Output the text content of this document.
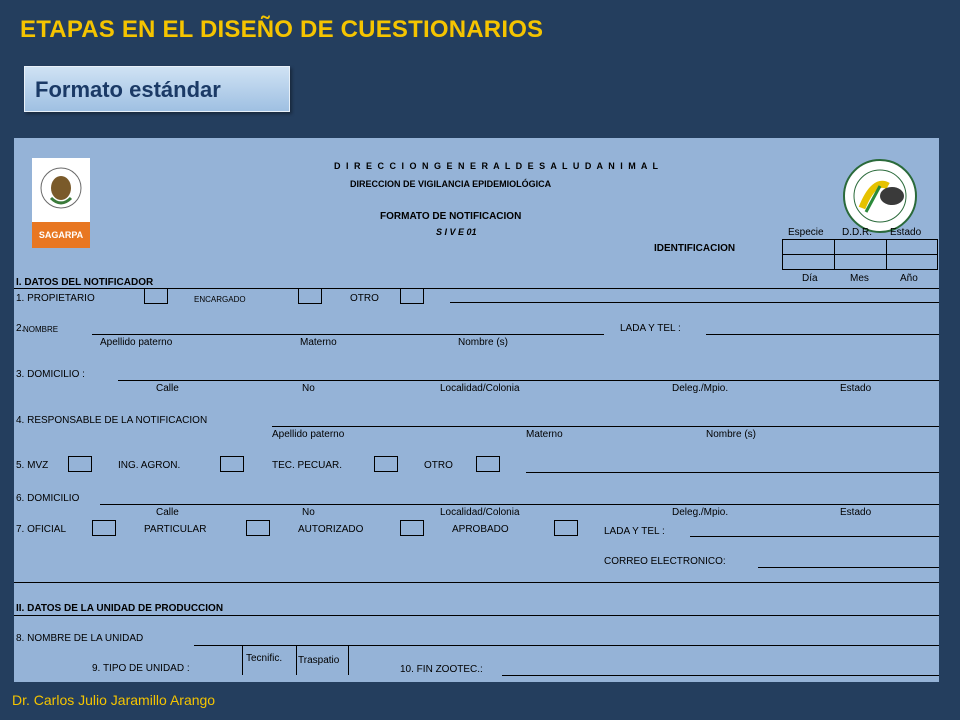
ETAPAS EN EL DISEÑO DE CUESTIONARIOS
Formato estándar
SAGARPA
D I R E C C I O N G E N E R A L D E S A L U D A N I M A L
DIRECCION DE VIGILANCIA EPIDEMIOLÓGICA
FORMATO DE NOTIFICACION
S I V E 01
IDENTIFICACION
Especie D.D.R. Estado
Día	Mes	Año
I. DATOS DEL NOTIFICADOR
1. PROPIETARIO	ENCARGADO	OTRO
2.
NOMBRE	LADA Y TEL :
Apellido paterno	Materno	Nombre (s)
3. DOMICILIO :
Calle	No	Localidad/Colonia	Deleg./Mpio.	Estado
4. RESPONSABLE DE LA NOTIFICACION
Apellido paterno	Materno	Nombre (s)
5. MVZ	ING. AGRON.	TEC. PECUAR.	OTRO
6. DOMICILIO
Calle	No	Localidad/Colonia	Deleg./Mpio.	Estado
7. OFICIAL	PARTICULAR	AUTORIZADO	APROBADO	LADA Y TEL :
CORREO ELECTRONICO:
II. DATOS DE LA UNIDAD DE PRODUCCION
8. NOMBRE DE LA UNIDAD
9. TIPO DE UNIDAD :
Tecnific. Traspatio
10. FIN ZOOTEC.:
Dr. Carlos Julio Jaramillo Arango
